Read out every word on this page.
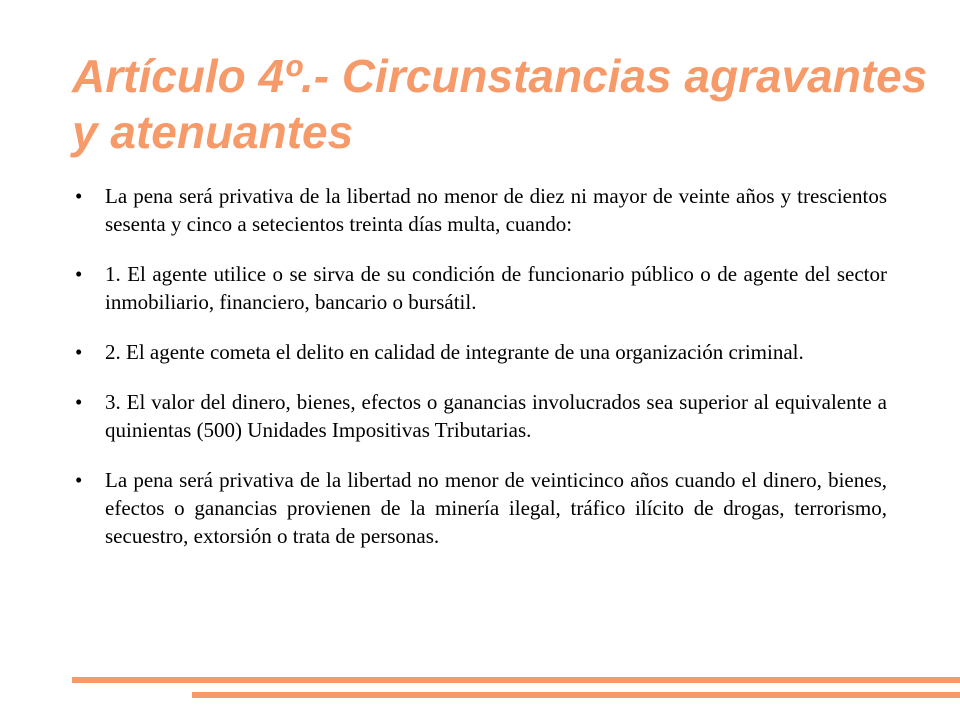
Artículo 4º.- Circunstancias agravantes y atenuantes
• La pena será privativa de la libertad no menor de diez ni mayor de veinte años y trescientos sesenta y cinco a setecientos treinta días multa, cuando:
• 1. El agente utilice o se sirva de su condición de funcionario público o de agente del sector inmobiliario, financiero, bancario o bursátil.
• 2. El agente cometa el delito en calidad de integrante de una organización criminal.
• 3. El valor del dinero, bienes, efectos o ganancias involucrados sea superior al equivalente a quinientas (500) Unidades Impositivas Tributarias.
• La pena será privativa de la libertad no menor de veinticinco años cuando el dinero, bienes, efectos o ganancias provienen de la minería ilegal, tráfico ilícito de drogas, terrorismo, secuestro, extorsión o trata de personas.
